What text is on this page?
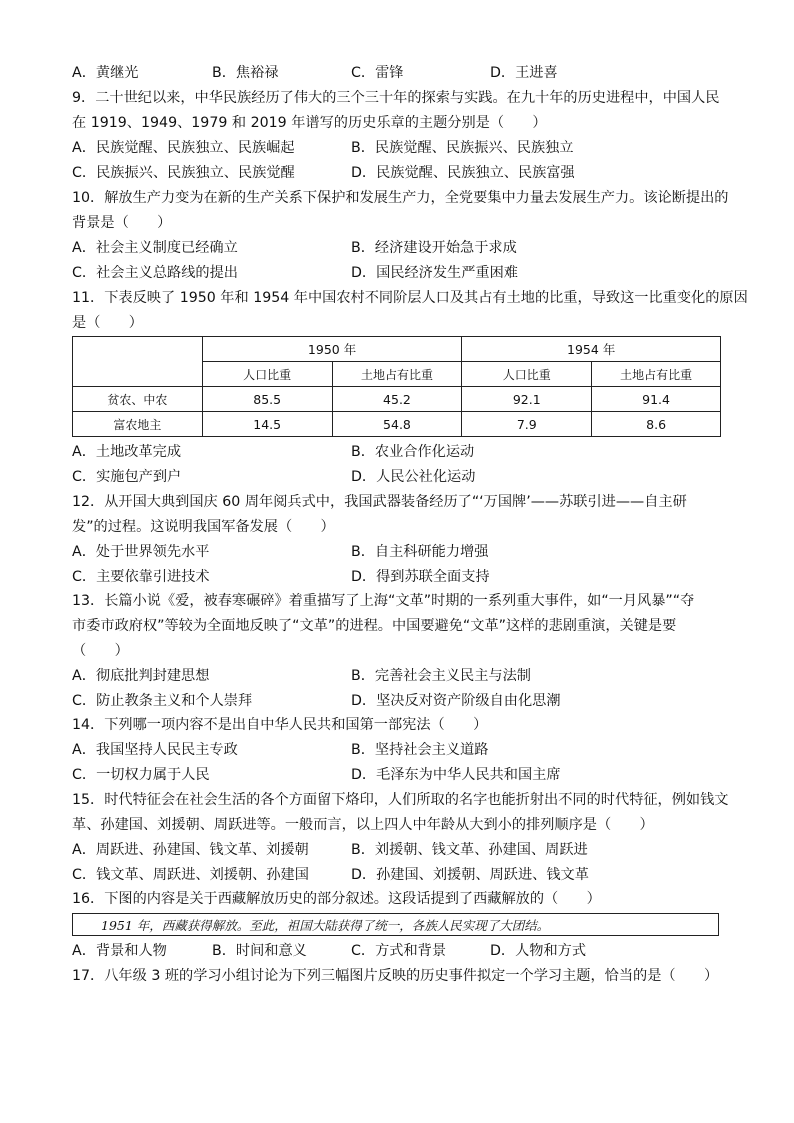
A．黄继光	B．焦裕禄	C．雷锋	D．王进喜
9．二十世纪以来，中华民族经历了伟大的三个三十年的探索与实践。在九十年的历史进程中，中国人民
在 1919、1949、1979 和 2019 年谱写的历史乐章的主题分别是（　　）
A．民族觉醒、民族独立、民族崛起	B．民族觉醒、民族振兴、民族独立
C．民族振兴、民族独立、民族觉醒	D．民族觉醒、民族独立、民族富强
10．解放生产力变为在新的生产关系下保护和发展生产力，全党要集中力量去发展生产力。该论断提出的
背景是（　　）
A．社会主义制度已经确立	B．经济建设开始急于求成
C．社会主义总路线的提出	D．国民经济发生严重困难
11．下表反映了 1950 年和 1954 年中国农村不同阶层人口及其占有土地的比重，导致这一比重变化的原因
是（　　）
	1950 年		1954 年	
	人口比重	土地占有比重	人口比重	土地占有比重
贫农、中农	85.5	45.2	92.1	91.4
富农地主	14.5	54.8	7.9	8.6
A．土地改革完成	B．农业合作化运动
C．实施包产到户	D．人民公社化运动
12．从开国大典到国庆 60 周年阅兵式中，我国武器装备经历了“‘万国牌’——苏联引进——自主研
发”的过程。这说明我国军备发展（　　）
A．处于世界领先水平	B．自主科研能力增强
C．主要依靠引进技术	D．得到苏联全面支持
13．长篇小说《爱，被春寒碾碎》着重描写了上海“文革”时期的一系列重大事件，如“一月风暴”“夺
市委市政府权”等较为全面地反映了“文革”的进程。中国要避免“文革”这样的悲剧重演，关键是要
（　　）
A．彻底批判封建思想	B．完善社会主义民主与法制
C．防止教条主义和个人崇拜	D．坚决反对资产阶级自由化思潮
14．下列哪一项内容不是出自中华人民共和国第一部宪法（　　）
A．我国坚持人民民主专政	B．坚持社会主义道路
C．一切权力属于人民	D．毛泽东为中华人民共和国主席
15．时代特征会在社会生活的各个方面留下烙印，人们所取的名字也能折射出不同的时代特征，例如钱文
革、孙建国、刘援朝、周跃进等。一般而言，以上四人中年龄从大到小的排列顺序是（　　）
A．周跃进、孙建国、钱文革、刘援朝	B．刘援朝、钱文革、孙建国、周跃进
C．钱文革、周跃进、刘援朝、孙建国	D．孙建国、刘援朝、周跃进、钱文革
16．下图的内容是关于西藏解放历史的部分叙述。这段话提到了西藏解放的（　　）
1951 年，西藏获得解放。至此，祖国大陆获得了统一，各族人民实现了大团结。
A．背景和人物	B．时间和意义	C．方式和背景	D．人物和方式
17．八年级 3 班的学习小组讨论为下列三幅图片反映的历史事件拟定一个学习主题，恰当的是（　　）
